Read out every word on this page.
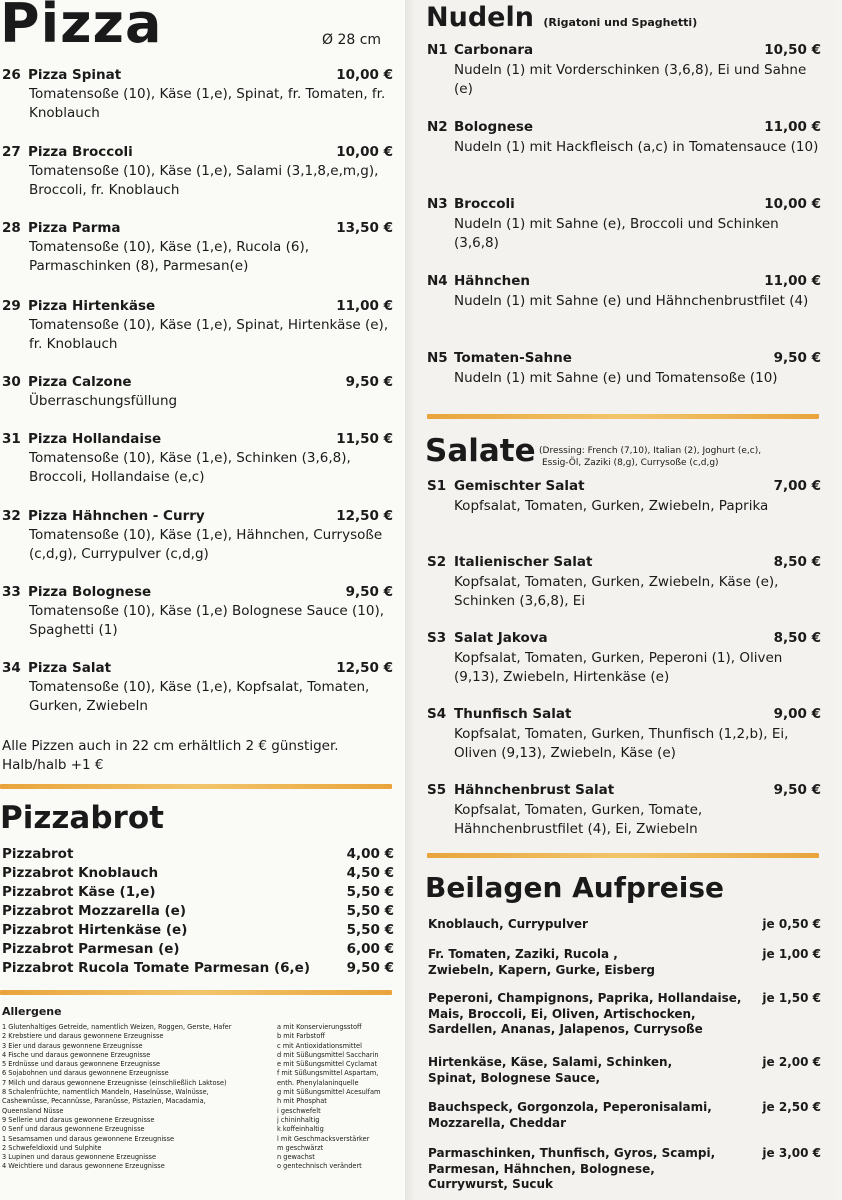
Pizza	Ø 28 cm
26 Pizza Spinat	10,00 €
Tomatensoße (10), Käse (1,e), Spinat, fr. Tomaten, fr. Knoblauch
27 Pizza Broccoli	10,00 €
Tomatensoße (10), Käse (1,e), Salami (3,1,8,e,m,g), Broccoli, fr. Knoblauch
28 Pizza Parma	13,50 €
Tomatensoße (10), Käse (1,e), Rucola (6), Parmaschinken (8), Parmesan(e)
29 Pizza Hirtenkäse	11,00 €
Tomatensoße (10), Käse (1,e), Spinat, Hirtenkäse (e), fr. Knoblauch
30 Pizza Calzone	9,50 €
Überraschungsfüllung
31 Pizza Hollandaise	11,50 €
Tomatensoße (10), Käse (1,e), Schinken (3,6,8), Broccoli, Hollandaise (e,c)
32 Pizza Hähnchen - Curry	12,50 €
Tomatensoße (10), Käse (1,e), Hähnchen, Currysoße (c,d,g), Currypulver (c,d,g)
33 Pizza Bolognese	9,50 €
Tomatensoße (10), Käse (1,e) Bolognese Sauce (10), Spaghetti (1)
34 Pizza Salat	12,50 €
Tomatensoße (10), Käse (1,e), Kopfsalat, Tomaten, Gurken, Zwiebeln
Alle Pizzen auch in 22 cm erhältlich 2 € günstiger. Halb/halb +1 €
Pizzabrot
Pizzabrot	4,00 €
Pizzabrot Knoblauch	4,50 €
Pizzabrot Käse (1,e)	5,50 €
Pizzabrot Mozzarella (e)	5,50 €
Pizzabrot Hirtenkäse (e)	5,50 €
Pizzabrot Parmesan (e)	6,00 €
Pizzabrot Rucola Tomate Parmesan (6,e)	9,50 €
Allergene
1 Glutenhaltiges Getreide, namentlich Weizen, Roggen, Gerste, Hafer
2 Krebstiere und daraus gewonnene Erzeugnisse
3 Eier und daraus gewonnene Erzeugnisse
4 Fische und daraus gewonnene Erzeugnisse
5 Erdnüsse und daraus gewonnene Erzeugnisse
6 Sojabohnen und daraus gewonnene Erzeugnisse
7 Milch und daraus gewonnene Erzeugnisse (einschließlich Laktose)
8 Schalenfrüchte, namentlich Mandeln, Haselnüsse, Walnüsse,
Cashewnüsse, Pecannüsse, Paranüsse, Pistazien, Macadamia,
Queensland Nüsse
9 Sellerie und daraus gewonnene Erzeugnisse
0 Senf und daraus gewonnene Erzeugnisse
1 Sesamsamen und daraus gewonnene Erzeugnisse
2 Schwefeldioxid und Sulphite
3 Lupinen und daraus gewonnene Erzeugnisse
4 Weichtiere und daraus gewonnene Erzeugnisse
a mit Konservierungsstoff
b mit Farbstoff
c mit Antioxidationsmittel
d mit Süßungsmittel Saccharin
e mit Süßungsmittel Cyclamat
f mit Süßungsmittel Aspartam,
enth. Phenylalaninquelle
g mit Süßungsmittel Acesulfam
h mit Phosphat
i geschwefelt
j chininhaltig
k koffeinhaltig
l mit Geschmacksverstärker
m geschwärzt
n gewachst
o gentechnisch verändert
Nudeln (Rigatoni und Spaghetti)
N1 Carbonara	10,50 €
Nudeln (1) mit Vorderschinken (3,6,8), Ei und Sahne (e)
N2 Bolognese	11,00 €
Nudeln (1) mit Hackfleisch (a,c) in Tomatensauce (10)
N3 Broccoli	10,00 €
Nudeln (1) mit Sahne (e), Broccoli und Schinken (3,6,8)
N4 Hähnchen	11,00 €
Nudeln (1) mit Sahne (e) und Hähnchenbrustfilet (4)
N5 Tomaten-Sahne	9,50 €
Nudeln (1) mit Sahne (e) und Tomatensoße (10)
Salate (Dressing: French (7,10), Italian (2), Joghurt (e,c),
Essig-Öl, Zaziki (8,g), Currysoße (c,d,g)
S1 Gemischter Salat	7,00 €
Kopfsalat, Tomaten, Gurken, Zwiebeln, Paprika
S2 Italienischer Salat	8,50 €
Kopfsalat, Tomaten, Gurken, Zwiebeln, Käse (e), Schinken (3,6,8), Ei
S3 Salat Jakova	8,50 €
Kopfsalat, Tomaten, Gurken, Peperoni (1), Oliven (9,13), Zwiebeln, Hirtenkäse (e)
S4 Thunfisch Salat	9,00 €
Kopfsalat, Tomaten, Gurken, Thunfisch (1,2,b), Ei, Oliven (9,13), Zwiebeln, Käse (e)
S5 Hähnchenbrust Salat	9,50 €
Kopfsalat, Tomaten, Gurken, Tomate, Hähnchenbrustfilet (4), Ei, Zwiebeln
Beilagen Aufpreise
Knoblauch, Currypulver	je 0,50 €
Fr. Tomaten, Zaziki, Rucola , Zwiebeln, Kapern, Gurke, Eisberg
je 1,00 €
Peperoni, Champignons, Paprika, Hollandaise, Mais, Broccoli, Ei, Oliven, Artischocken, Sardellen, Ananas, Jalapenos, Currysoße
je 1,50 €
Hirtenkäse, Käse, Salami, Schinken, Spinat, Bolognese Sauce,
je 2,00 €
Bauchspeck, Gorgonzola, Peperonisalami, Mozzarella, Cheddar
je 2,50 €
Parmaschinken, Thunfisch, Gyros, Scampi, Parmesan, Hähnchen, Bolognese, Currywurst, Sucuk
je 3,00 €
